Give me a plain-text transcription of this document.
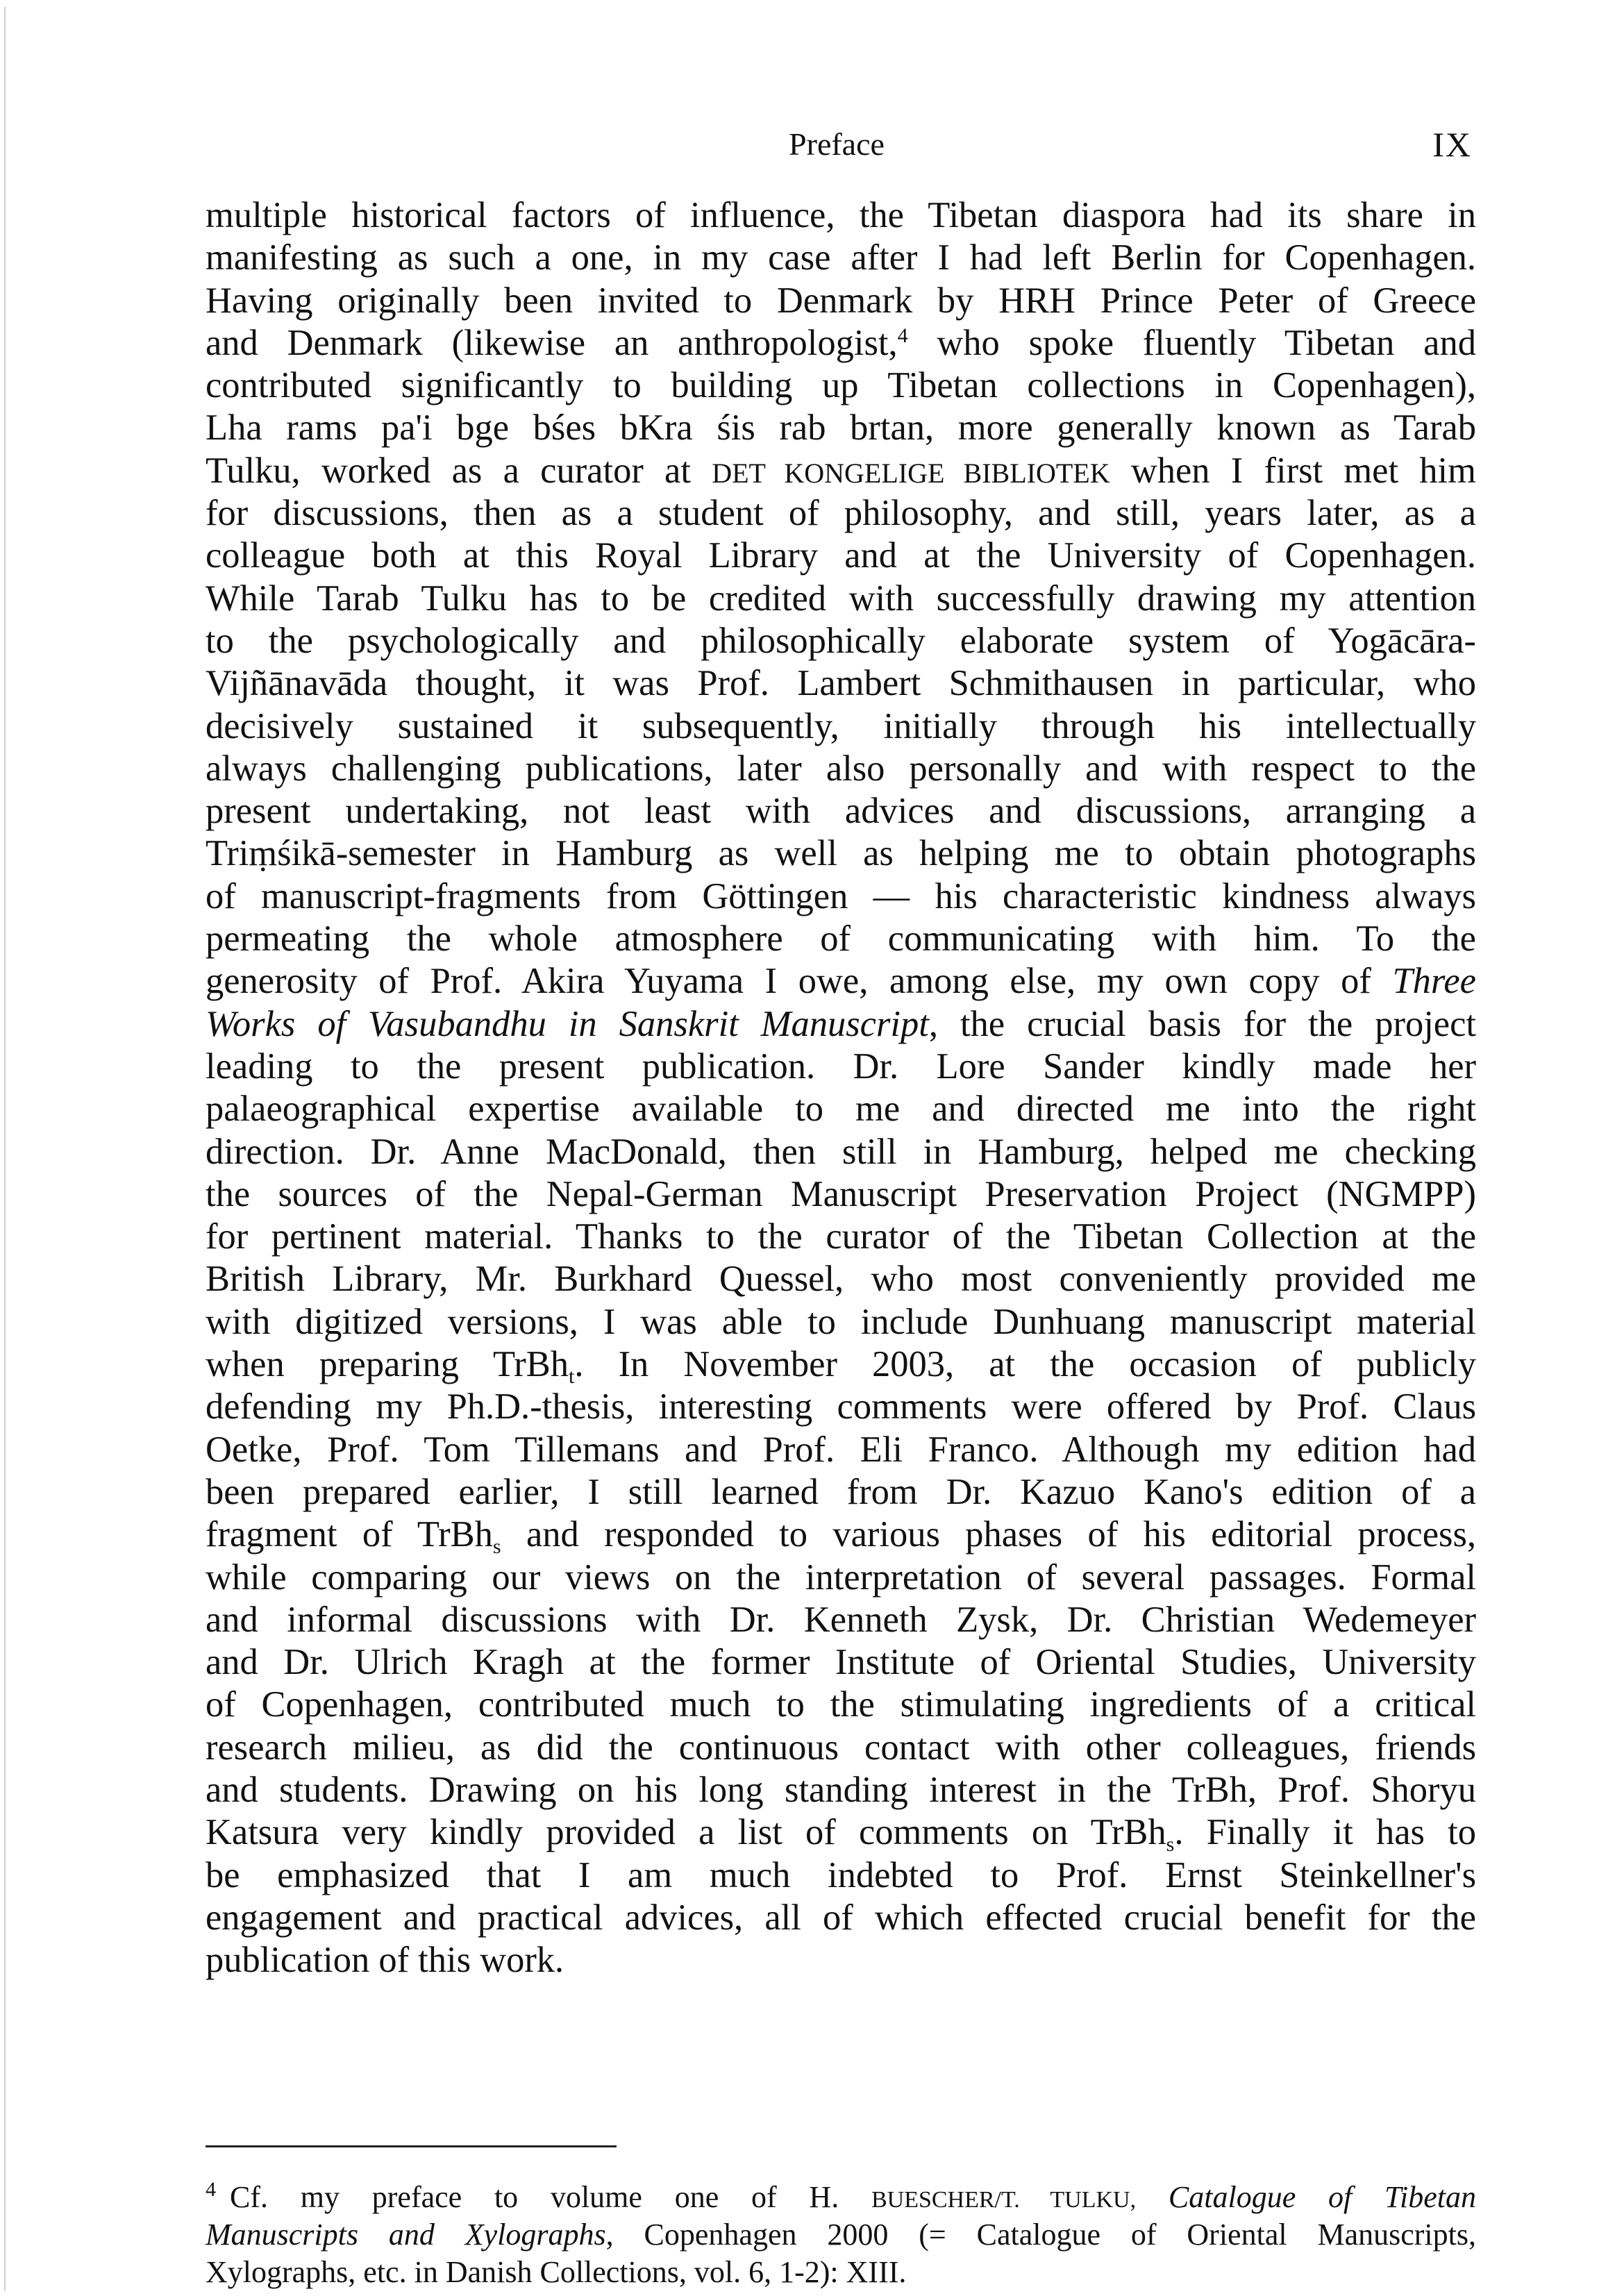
Preface	IX
multiple historical factors of influence, the Tibetan diaspora had its share in
manifesting as such a one, in my case after I had left Berlin for Copenhagen.
Having originally been invited to Denmark by HRH Prince Peter of Greece
and Denmark (likewise an anthropologist,$^4$ who spoke fluently Tibetan and
contributed significantly to building up Tibetan collections in Copenhagen),
Lha rams pa'i bge bśes bKra śis rab brtan, more generally known as Tarab
Tulku, worked as a curator at DET KONGELIGE BIBLIOTEK when I first met him
for discussions, then as a student of philosophy, and still, years later, as a
colleague both at this Royal Library and at the University of Copenhagen.
While Tarab Tulku has to be credited with successfully drawing my attention
to the psychologically and philosophically elaborate system of Yogācāra-
Vijñānavāda thought, it was Prof. Lambert Schmithausen in particular, who
decisively sustained it subsequently, initially through his intellectually
always challenging publications, later also personally and with respect to the
present undertaking, not least with advices and discussions, arranging a
Triṃśikā-semester in Hamburg as well as helping me to obtain photographs
of manuscript-fragments from Göttingen — his characteristic kindness always
permeating the whole atmosphere of communicating with him. To the
generosity of Prof. Akira Yuyama I owe, among else, my own copy of Three
Works of Vasubandhu in Sanskrit Manuscript, the crucial basis for the project
leading to the present publication. Dr. Lore Sander kindly made her
palaeographical expertise available to me and directed me into the right
direction. Dr. Anne MacDonald, then still in Hamburg, helped me checking
the sources of the Nepal-German Manuscript Preservation Project (NGMPP)
for pertinent material. Thanks to the curator of the Tibetan Collection at the
British Library, Mr. Burkhard Quessel, who most conveniently provided me
with digitized versions, I was able to include Dunhuang manuscript material
when preparing TrBh$_t$. In November 2003, at the occasion of publicly
defending my Ph.D.-thesis, interesting comments were offered by Prof. Claus
Oetke, Prof. Tom Tillemans and Prof. Eli Franco. Although my edition had
been prepared earlier, I still learned from Dr. Kazuo Kano's edition of a
fragment of TrBh$_s$ and responded to various phases of his editorial process,
while comparing our views on the interpretation of several passages. Formal
and informal discussions with Dr. Kenneth Zysk, Dr. Christian Wedemeyer
and Dr. Ulrich Kragh at the former Institute of Oriental Studies, University
of Copenhagen, contributed much to the stimulating ingredients of a critical
research milieu, as did the continuous contact with other colleagues, friends
and students. Drawing on his long standing interest in the TrBh, Prof. Shoryu
Katsura very kindly provided a list of comments on TrBh$_s$. Finally it has to
be emphasized that I am much indebted to Prof. Ernst Steinkellner's
engagement and practical advices, all of which effected crucial benefit for the
publication of this work.
$^4$ Cf. my preface to volume one of H. BUESCHER/T. TULKU, Catalogue of Tibetan
Manuscripts and Xylographs, Copenhagen 2000 (= Catalogue of Oriental Manuscripts,
Xylographs, etc. in Danish Collections, vol. 6, 1-2): XIII.
